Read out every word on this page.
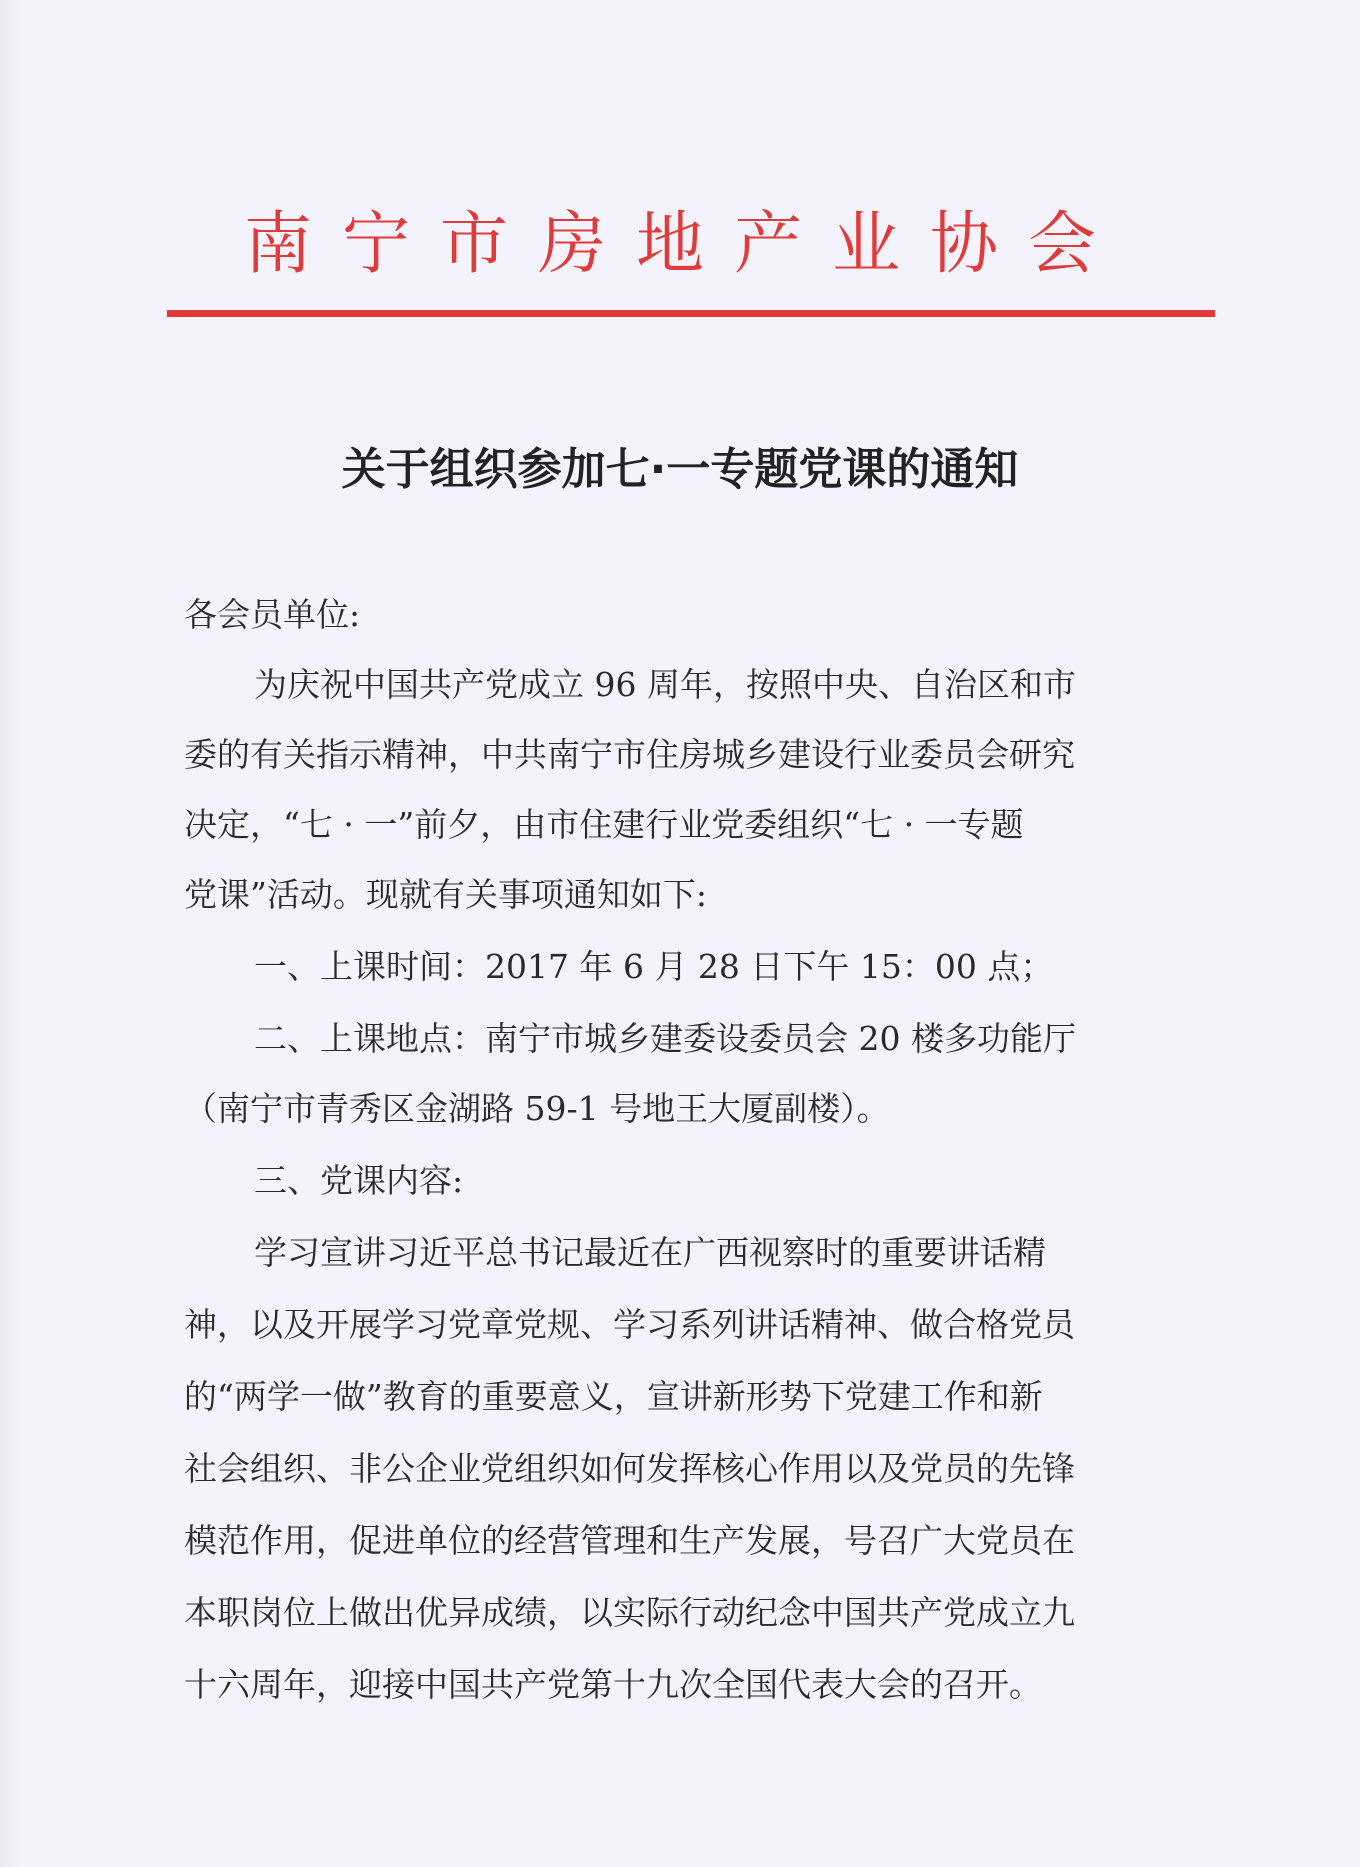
南宁市房地产业协会
关于组织参加七·一专题党课的通知

各会员单位:

为庆祝中国共产党成立 96 周年，按照中央、自治区和市

委的有关指示精神，中共南宁市住房城乡建设行业委员会研究

决定，“七 · 一”前夕，由市住建行业党委组织“七 · 一专题

党课”活动。现就有关事项通知如下:

一、上课时间：2017 年 6 月 28 日下午 15：00 点；

二、上课地点：南宁市城乡建委设委员会 20 楼多功能厅

（南宁市青秀区金湖路 59-1 号地王大厦副楼）。

三、党课内容:

学习宣讲习近平总书记最近在广西视察时的重要讲话精

神，以及开展学习党章党规、学习系列讲话精神、做合格党员

的“两学一做”教育的重要意义，宣讲新形势下党建工作和新

社会组织、非公企业党组织如何发挥核心作用以及党员的先锋

模范作用，促进单位的经营管理和生产发展，号召广大党员在

本职岗位上做出优异成绩，以实际行动纪念中国共产党成立九

十六周年，迎接中国共产党第十九次全国代表大会的召开。
